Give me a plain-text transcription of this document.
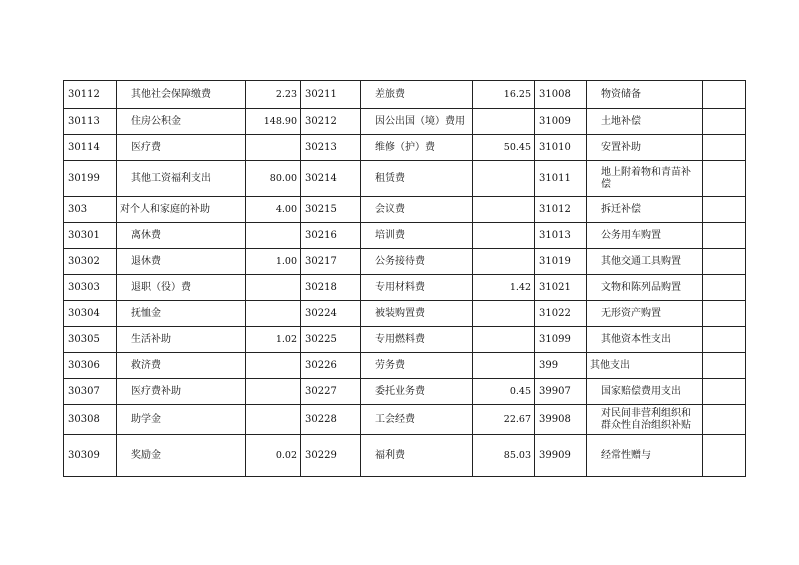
30112	其他社会保障缴费	2.23	30211	差旅费	16.25	31008	物资储备	
30113	住房公积金	148.90	30212	因公出国（境）费用		31009	土地补偿	
30114	医疗费		30213	维修（护）费	50.45	31010	安置补助	
30199	其他工资福利支出	80.00	30214	租赁费		31011	地上附着物和青苗补偿	
303	对个人和家庭的补助	4.00	30215	会议费		31012	拆迁补偿	
30301	离休费		30216	培训费		31013	公务用车购置	
30302	退休费	1.00	30217	公务接待费		31019	其他交通工具购置	
30303	退职（役）费		30218	专用材料费	1.42	31021	文物和陈列品购置	
30304	抚恤金		30224	被装购置费		31022	无形资产购置	
30305	生活补助	1.02	30225	专用燃料费		31099	其他资本性支出	
30306	救济费		30226	劳务费		399	其他支出	
30307	医疗费补助		30227	委托业务费	0.45	39907	国家赔偿费用支出	
30308	助学金		30228	工会经费	22.67	39908	对民间非营利组织和群众性自治组织补贴	
30309	奖励金	0.02	30229	福利费	85.03	39909	经常性赠与	
